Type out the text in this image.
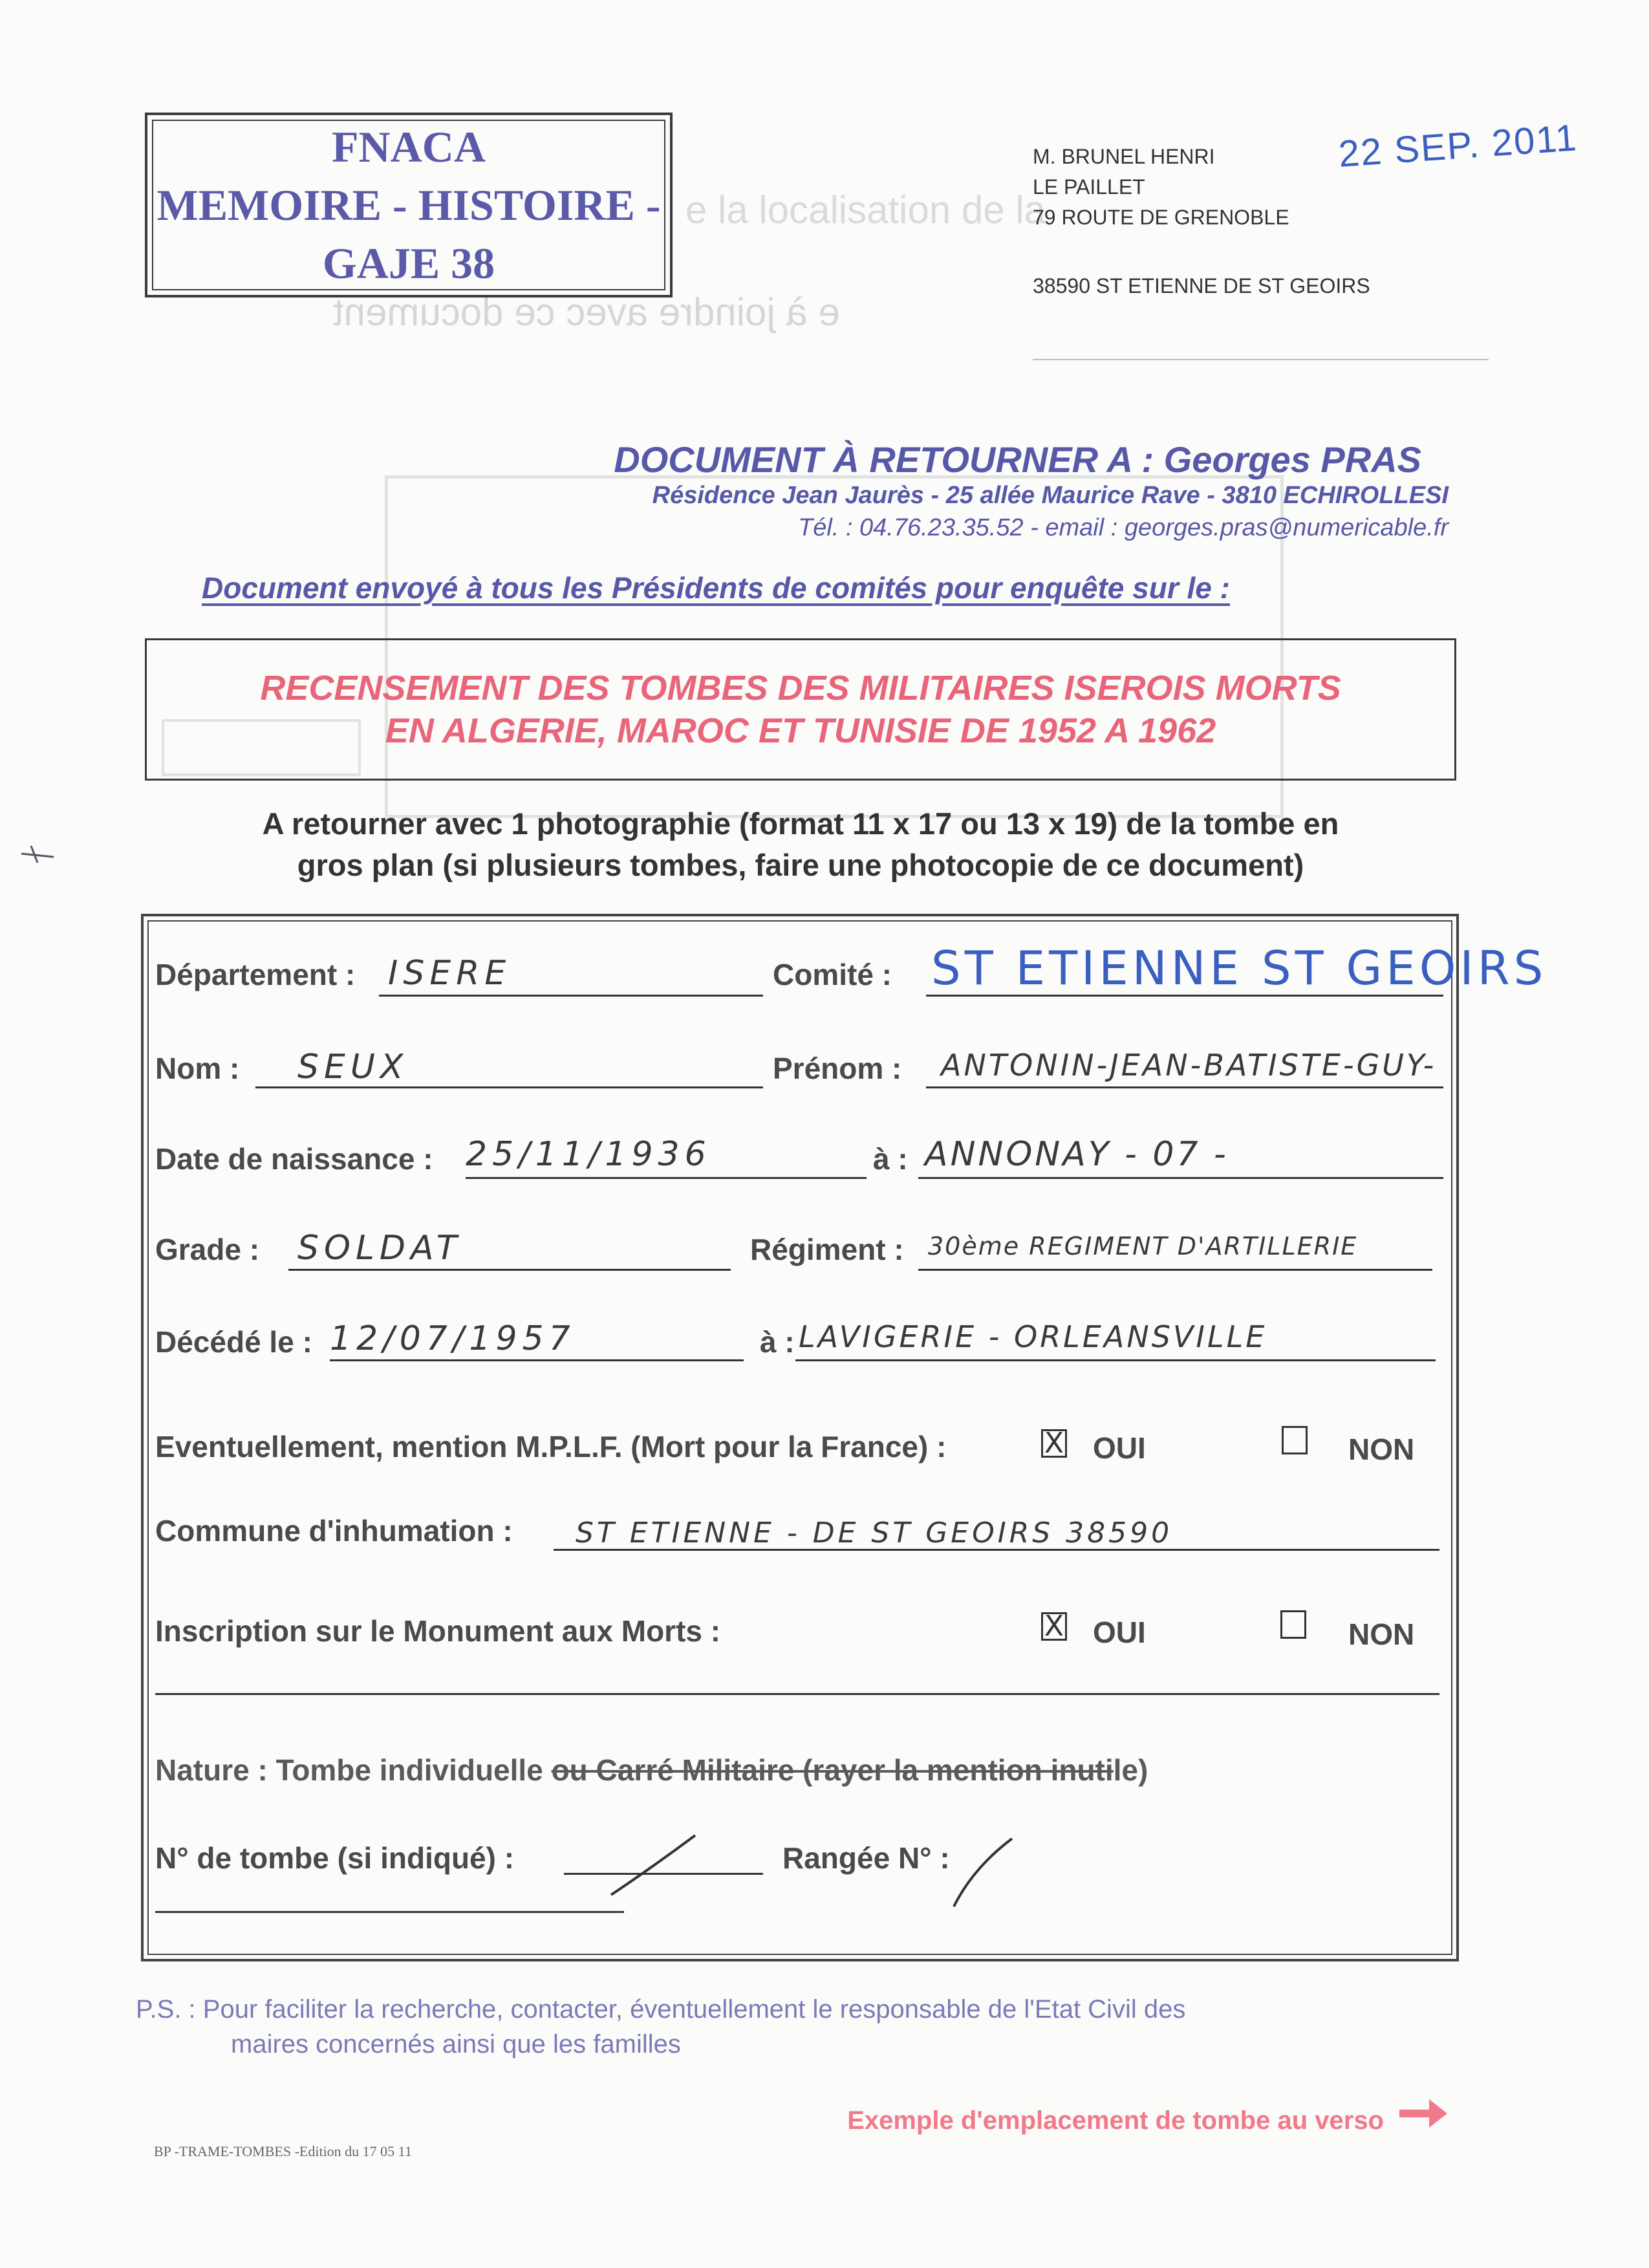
e à joindre avec ce document
e la localisation de la
FNACA
MEMOIRE - HISTOIRE -
GAJE 38
M. BRUNEL HENRI
LE PAILLET
79 ROUTE DE GRENOBLE
38590 ST ETIENNE DE ST GEOIRS
22 SEP. 2011
DOCUMENT À RETOURNER A : Georges PRAS
Résidence Jean Jaurès - 25 allée Maurice Rave - 3810 ECHIROLLESI
Tél. : 04.76.23.35.52 - email : georges.pras@numericable.fr
Document envoyé à tous les Présidents de comités pour enquête sur le :
RECENSEMENT DES TOMBES DES MILITAIRES ISEROIS MORTS
EN ALGERIE, MAROC ET TUNISIE DE 1952 A 1962
A retourner avec 1 photographie (format 11 x 17 ou 13 x 19) de la tombe en
gros plan (si plusieurs tombes, faire une photocopie de ce document)
Département : ISERE	Comité : ST ETIENNE ST GEOIRS
Nom : SEUX	Prénom : ANTONIN-JEAN-BATISTE-GUY-
Date de naissance : 25/11/1936	à : ANNONAY - 07 -
Grade : SOLDAT	Régiment : 30ème REGIMENT D'ARTILLERIE
Décédé le : 12/07/1957	à : LAVIGERIE - ORLEANSVILLE
Eventuellement, mention M.P.L.F. (Mort pour la France) :	X OUI	NON
Commune d'inhumation : ST ETIENNE - DE ST GEOIRS 38590
Inscription sur le Monument aux Morts :	X OUI	NON
Nature : Tombe individuelle ou Carré Militaire (rayer la mention inutile)
N° de tombe (si indiqué) :	Rangée N° :
P.S. : Pour faciliter la recherche, contacter, éventuellement le responsable de l'Etat Civil des
maires concernés ainsi que les familles
Exemple d'emplacement de tombe au verso
BP -TRAME-TOMBES -Edition du 17 05 11
